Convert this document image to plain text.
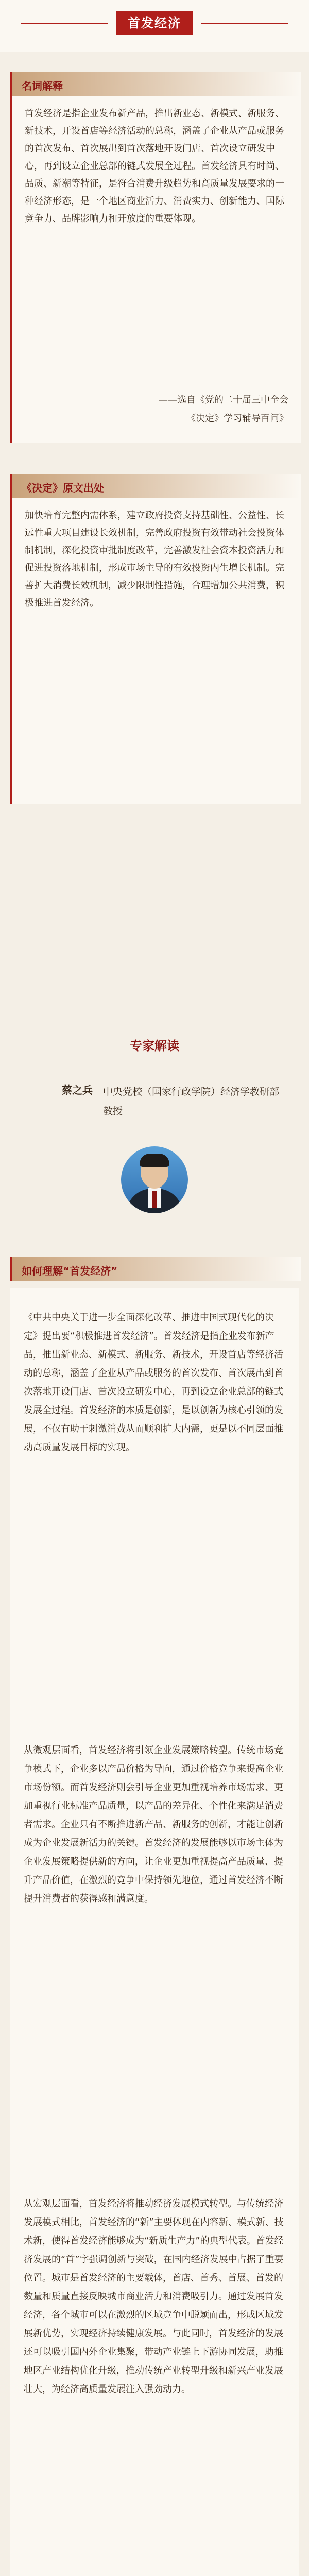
首发经济
名词解释
首发经济是指企业发布新产品，推出新业态、新模式、新服务、新技术，开设首店等经济活动的总称，涵盖了企业从产品或服务的首次发布、首次展出到首次落地开设门店、首次设立研发中心，再到设立企业总部的链式发展全过程。首发经济具有时尚、品质、新潮等特征，是符合消费升级趋势和高质量发展要求的一种经济形态，是一个地区商业活力、消费实力、创新能力、国际竞争力、品牌影响力和开放度的重要体现。
——选自《党的二十届三中全会
《决定》学习辅导百问》
《决定》原文出处
加快培育完整内需体系，建立政府投资支持基础性、公益性、长远性重大项目建设长效机制，完善政府投资有效带动社会投资体制机制，深化投资审批制度改革，完善激发社会资本投资活力和促进投资落地机制，形成市场主导的有效投资内生增长机制。完善扩大消费长效机制，减少限制性措施，合理增加公共消费，积极推进首发经济。
专家解读
蔡之兵 中央党校（国家行政学院）经济学教研部教授
如何理解“首发经济”

《中共中央关于进一步全面深化改革、推进中国式现代化的决定》提出要“积极推进首发经济”。首发经济是指企业发布新产品，推出新业态、新模式、新服务、新技术，开设首店等经济活动的总称，涵盖了企业从产品或服务的首次发布、首次展出到首次落地开设门店、首次设立研发中心，再到设立企业总部的链式发展全过程。首发经济的本质是创新，是以创新为核心引领的发展，不仅有助于刺激消费从而顺利扩大内需，更是以不同层面推动高质量发展目标的实现。

从微观层面看，首发经济将引领企业发展策略转型。传统市场竞争模式下，企业多以产品价格为导向，通过价格竞争来提高企业市场份额。而首发经济则会引导企业更加重视培养市场需求、更加重视行业标准产品质量，以产品的差异化、个性化来满足消费者需求。企业只有不断推进新产品、新服务的创新，才能让创新成为企业发展新活力的关键。首发经济的发展能够以市场主体为企业发展策略提供新的方向，让企业更加重视提高产品质量、提升产品价值，在激烈的竞争中保持领先地位，通过首发经济不断提升消费者的获得感和满意度。

从宏观层面看，首发经济将推动经济发展模式转型。与传统经济发展模式相比，首发经济的“新”主要体现在内容新、模式新、技术新，使得首发经济能够成为“新质生产力”的典型代表。首发经济发展的“首”字强调创新与突破，在国内经济发展中占据了重要位置。城市是首发经济的主要载体，首店、首秀、首展、首发的数量和质量直接反映城市商业活力和消费吸引力。通过发展首发经济，各个城市可以在激烈的区域竞争中脱颖而出，形成区域发展新优势，实现经济持续健康发展。与此同时，首发经济的发展还可以吸引国内外企业集聚，带动产业链上下游协同发展，助推地区产业结构优化升级，推动传统产业转型升级和新兴产业发展壮大，为经济高质量发展注入强劲动力。
